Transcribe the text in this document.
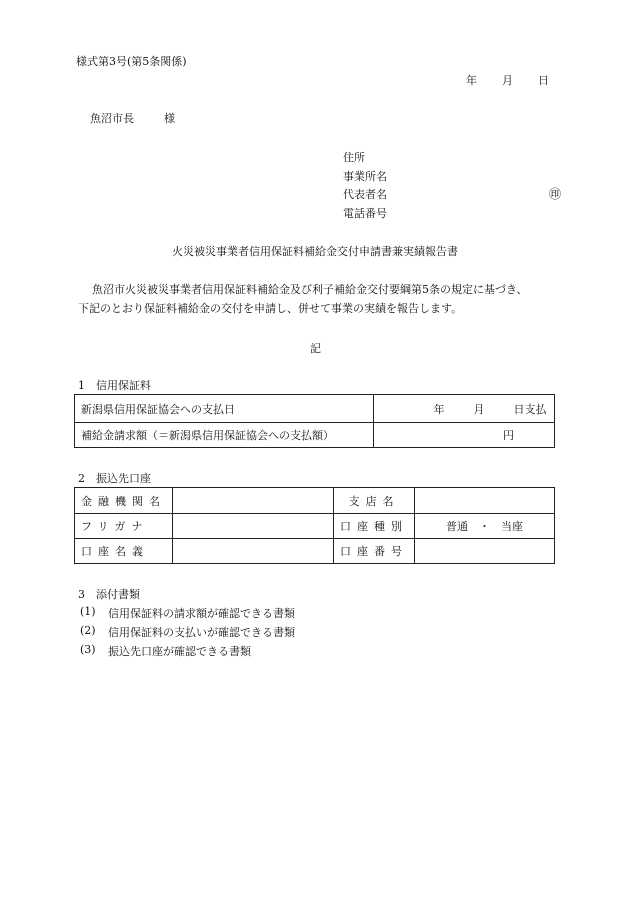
様式第3号(第5条関係)
年 月 日
魚沼市長	様
住所
事業所名
代表者名	㊞
電話番号
火災被災事業者信用保証料補給金交付申請書兼実績報告書
魚沼市火災被災事業者信用保証料補給金及び利子補給金交付要綱第5条の規定に基づき、
下記のとおり保証料補給金の交付を申請し、併せて事業の実績を報告します。
記
1　信用保証料
新潟県信用保証協会への支払日	年 月 日支払
補給金請求額（＝新潟県信用保証協会への支払額）	円
2　振込先口座
金融機関名		支店名	
フリガナ		口座種別	普通　・　当座
口座名義		口座番号	
3　添付書類
(1) 信用保証料の請求額が確認できる書類
(2) 信用保証料の支払いが確認できる書類
(3) 振込先口座が確認できる書類
